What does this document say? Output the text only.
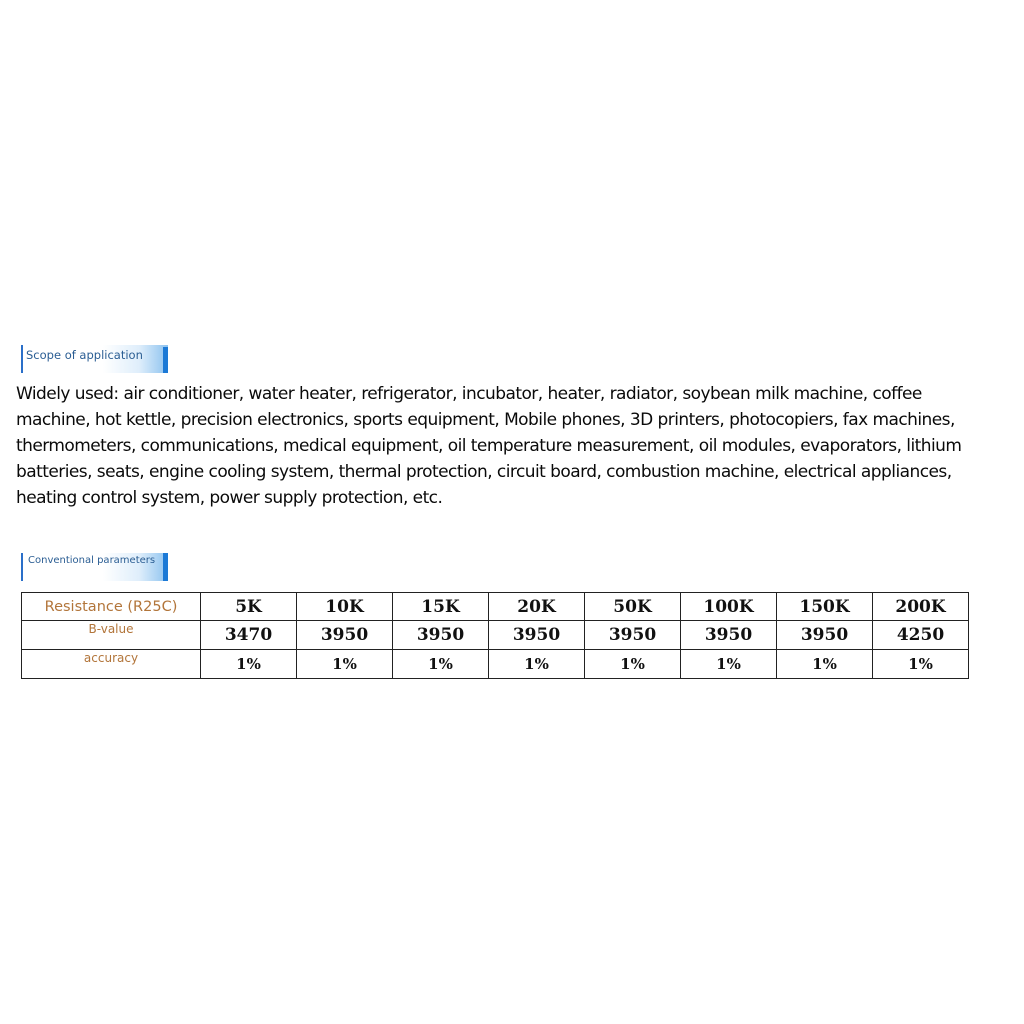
Scope of application

Widely used: air conditioner, water heater, refrigerator, incubator, heater, radiator, soybean milk machine, coffee machine, hot kettle, precision electronics, sports equipment, Mobile phones, 3D printers, photocopiers, fax machines, thermometers, communications, medical equipment, oil temperature measurement, oil modules, evaporators, lithium batteries, seats, engine cooling system, thermal protection, circuit board, combustion machine, electrical appliances, heating control system, power supply protection, etc.

Conventional parameters
Resistance (R25C)	5K	10K	15K	20K	50K	100K	150K	200K
B-value	3470	3950	3950	3950	3950	3950	3950	4250
accuracy	1%	1%	1%	1%	1%	1%	1%	1%
